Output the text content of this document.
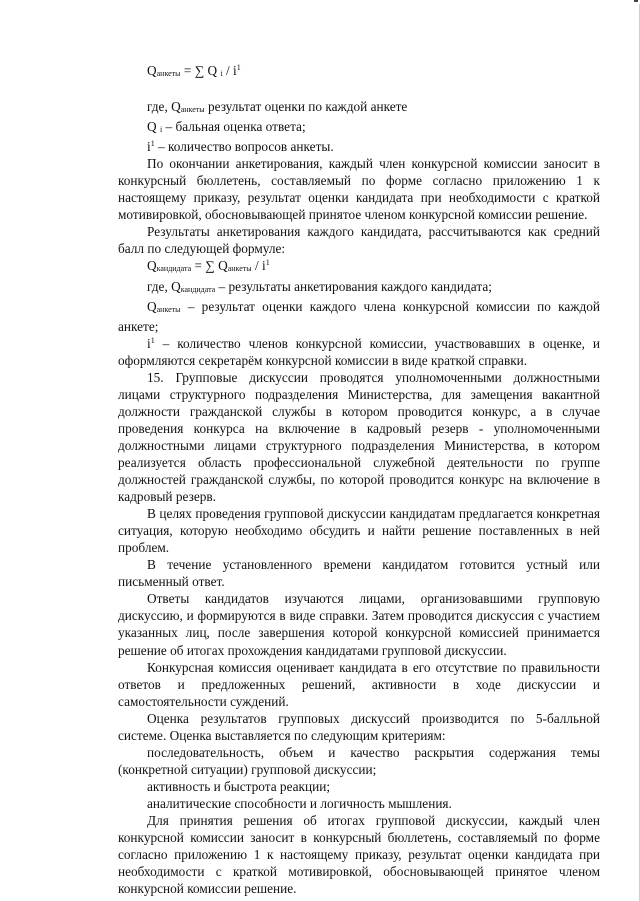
$Q_{анкеты}$ = ∑ Q $_i / i^1$

где, $Q_{анкеты}$ результат оценки по каждой анкете

Q $_i$ – бальная оценка ответа;

$i^1$ – количество вопросов анкеты.

По окончании анкетирования, каждый член конкурсной комиссии заносит в конкурсный бюллетень, составляемый по форме согласно приложению 1 к настоящему приказу, результат оценки кандидата при необходимости с краткой мотивировкой, обосновывающей принятое членом конкурсной комиссии решение.

Результаты анкетирования каждого кандидата, рассчитываются как средний балл по следующей формуле:

$Q_{кандидата}$ = ∑ $Q_{анкеты} / i^1$

где, $Q_{кандидата}$ – результаты анкетирования каждого кандидата;

$Q_{анкеты}$ – результат оценки каждого члена конкурсной комиссии по каждой анкете;

$i^1$ – количество членов конкурсной комиссии, участвовавших в оценке, и оформляются секретарём конкурсной комиссии в виде краткой справки.

15. Групповые дискуссии проводятся уполномоченными должностными лицами структурного подразделения Министерства, для замещения вакантной должности гражданской службы в котором проводится конкурс, а в случае проведения конкурса на включение в кадровый резерв - уполномоченными должностными лицами структурного подразделения Министерства, в котором реализуется область профессиональной служебной деятельности по группе должностей гражданской службы, по которой проводится конкурс на включение в кадровый резерв.

В целях проведения групповой дискуссии кандидатам предлагается конкретная ситуация, которую необходимо обсудить и найти решение поставленных в ней проблем.

В течение установленного времени кандидатом готовится устный или письменный ответ.

Ответы кандидатов изучаются лицами, организовавшими групповую дискуссию, и формируются в виде справки. Затем проводится дискуссия с участием указанных лиц, после завершения которой конкурсной комиссией принимается решение об итогах прохождения кандидатами групповой дискуссии.

Конкурсная комиссия оценивает кандидата в его отсутствие по правильности ответов и предложенных решений, активности в ходе дискуссии и самостоятельности суждений.

Оценка результатов групповых дискуссий производится по 5-балльной системе. Оценка выставляется по следующим критериям:

последовательность, объем и качество раскрытия содержания темы (конкретной ситуации) групповой дискуссии;

активность и быстрота реакции;

аналитические способности и логичность мышления.

Для принятия решения об итогах групповой дискуссии, каждый член конкурсной комиссии заносит в конкурсный бюллетень, составляемый по форме согласно приложению 1 к настоящему приказу, результат оценки кандидата при необходимости с краткой мотивировкой, обосновывающей принятое членом конкурсной комиссии решение.
